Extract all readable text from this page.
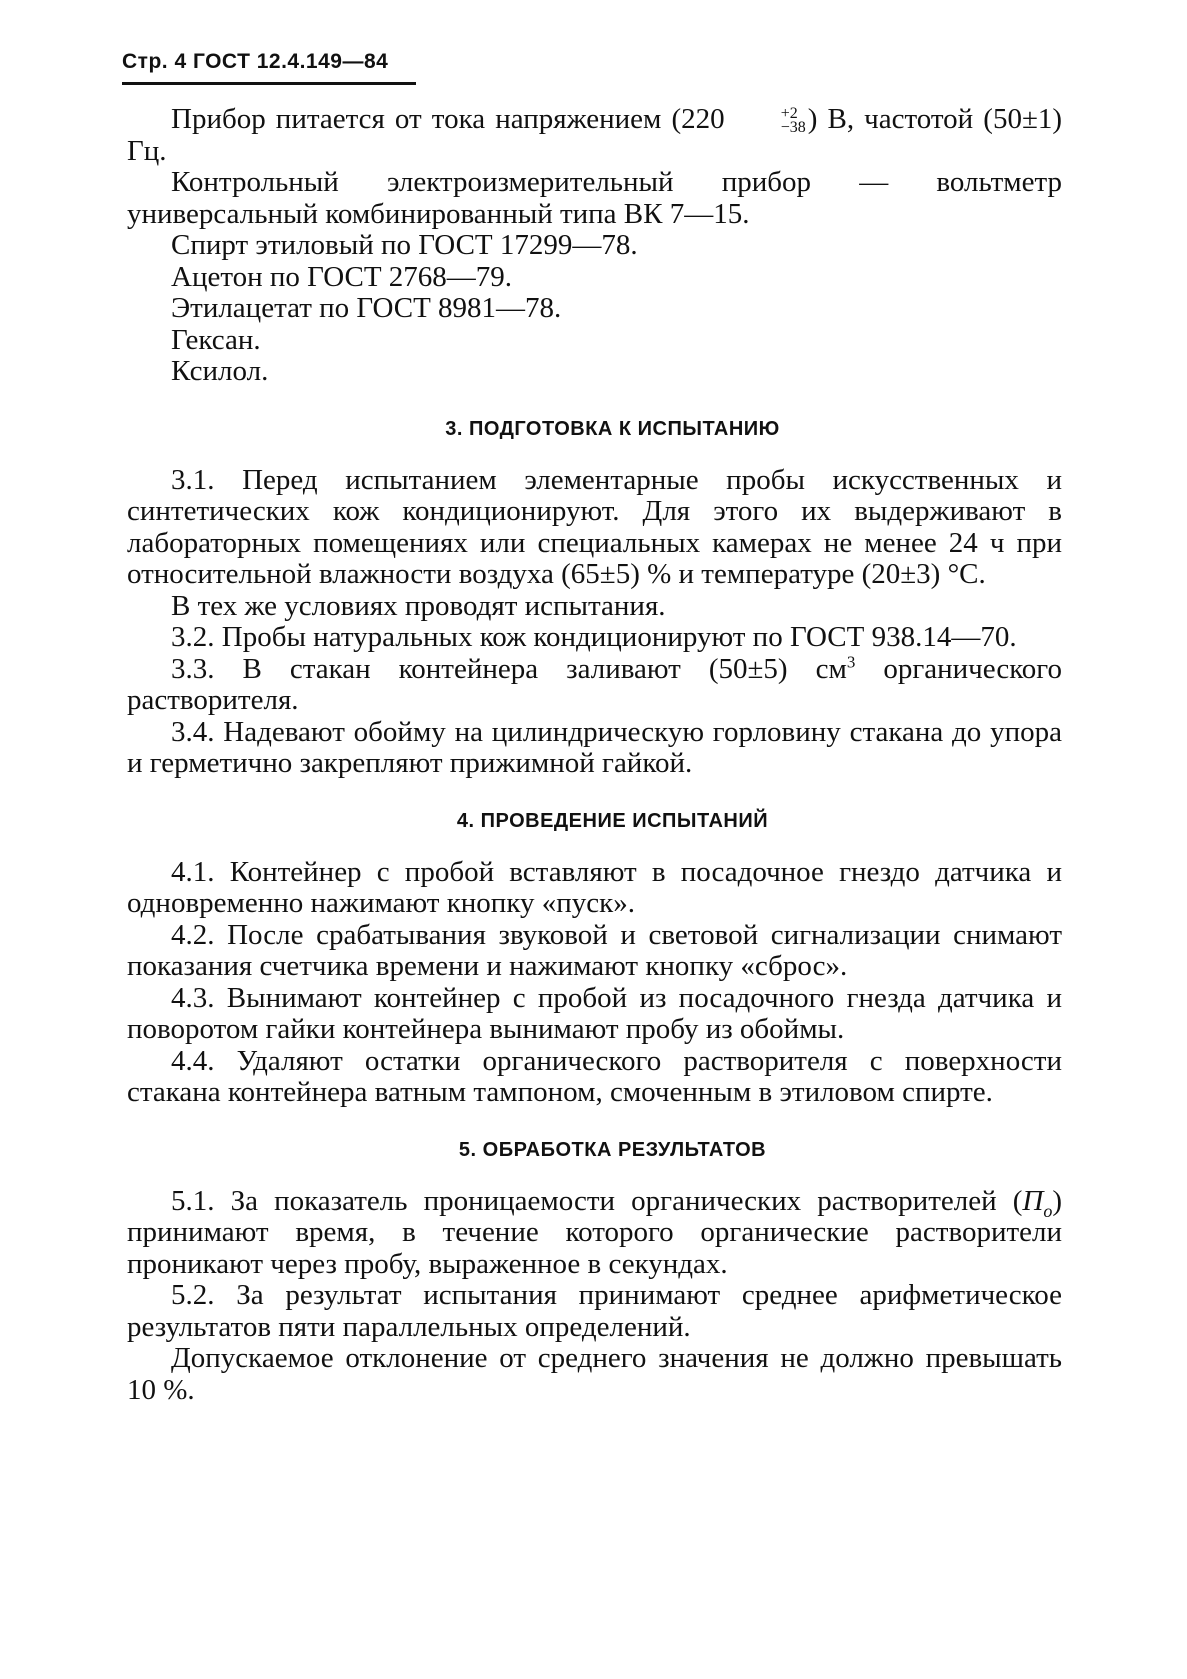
Стр. 4 ГОСТ 12.4.149—84

Прибор питается от тока напряжением (220	+2
−38 ) В, частотой (50±1) Гц.

Контрольный электроизмерительный прибор — вольтметр универсальный комбинированный типа ВК 7—15.

Спирт этиловый по ГОСТ 17299—78.

Ацетон по ГОСТ 2768—79.

Этилацетат по ГОСТ 8981—78.

Гексан.

Ксилол.

3. ПОДГОТОВКА К ИСПЫТАНИЮ

3.1. Перед испытанием элементарные пробы искусственных и синтетических кож кондиционируют. Для этого их выдерживают в лабораторных помещениях или специальных камерах не менее 24 ч при относительной влажности воздуха (65±5) % и температуре (20±3) °С.

В тех же условиях проводят испытания.

3.2. Пробы натуральных кож кондиционируют по ГОСТ 938.14—70.

3.3. В стакан контейнера заливают (50±5) $см^3$ органического растворителя.

3.4. Надевают обойму на цилиндрическую горловину стакана до упора и герметично закрепляют прижимной гайкой.

4. ПРОВЕДЕНИЕ ИСПЫТАНИЙ

4.1. Контейнер с пробой вставляют в посадочное гнездо датчика и одновременно нажимают кнопку «пуск».

4.2. После срабатывания звуковой и световой сигнализации снимают показания счетчика времени и нажимают кнопку «сброс».

4.3. Вынимают контейнер с пробой из посадочного гнезда датчика и поворотом гайки контейнера вынимают пробу из обоймы.

4.4. Удаляют остатки органического растворителя с поверхности стакана контейнера ватным тампоном, смоченным в этиловом спирте.

5. ОБРАБОТКА РЕЗУЛЬТАТОВ

5.1. За показатель проницаемости органических растворителей $(П_о)$ принимают время, в течение которого органические растворители проникают через пробу, выраженное в секундах.

5.2. За результат испытания принимают среднее арифметическое результатов пяти параллельных определений.

Допускаемое отклонение от среднего значения не должно превышать 10 %.
